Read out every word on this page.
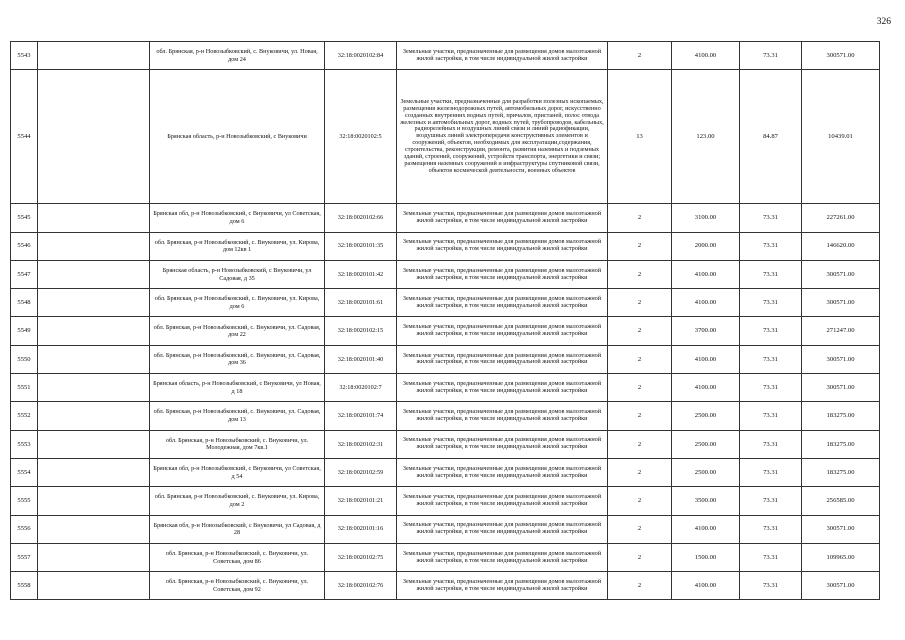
326
5543		обл. Брянская, р-н Новозыбковский, с. Внуковичи, ул. Новая, дом 24	32:18:0020102:84	Земельные участки, предназначенные для размещения домов малоэтажной жилой застройки, в том числе индивидуальной жилой застройки	2	4100.00	73.31	300571.00
5544		Брянская область, р-н Новозыбковский, с Внуковичи	32:18:0020102:5	Земельные участки, предназначенные для разработки полезных ископаемых, размещения железнодорожных путей, автомобильных дорог, искусственно созданных внутренних водных путей, причалов, пристаней, полос отвода железных и автомобильных дорог, водных путей, трубопроводов, кабельных, радиорелейных и воздушных линий связи и линий радиофикации, воздушных линий электропередачи конструктивных элементов и сооружений, объектов, необходимых для эксплуатации,содержания, строительства, реконструкции, ремонта, развития наземных и подземных зданий, строений, сооружений, устройств транспорта, энергетики и связи; размещения наземных сооружений и инфраструктуры спутниковой связи, объектов космической деятельности, военных объектов	13	123.00	84.87	10439.01
5545		Брянская обл, р-н Новозыбковский, с Внуковичи, ул Советская, дом 6	32:18:0020102:66	Земельные участки, предназначенные для размещения домов малоэтажной жилой застройки, в том числе индивидуальной жилой застройки	2	3100.00	73.31	227261.00
5546		обл. Брянская, р-н Новозыбковский, с. Внуковичи, ул. Кирова, дом 12кв 1	32:18:0020101:35	Земельные участки, предназначенные для размещения домов малоэтажной жилой застройки, в том числе индивидуальной жилой застройки	2	2000.00	73.31	146620.00
5547		Брянская область, р-н Новозыбковский, с Внуковичи, ул Садовая, д 35	32:18:0020101:42	Земельные участки, предназначенные для размещения домов малоэтажной жилой застройки, в том числе индивидуальной жилой застройки	2	4100.00	73.31	300571.00
5548		обл. Брянская, р-н Новозыбковский, с. Внуковичи, ул. Кирова, дом 6	32:18:0020101:61	Земельные участки, предназначенные для размещения домов малоэтажной жилой застройки, в том числе индивидуальной жилой застройки	2	4100.00	73.31	300571.00
5549		обл. Брянская, р-н Новозыбковский, с. Внуковичи, ул. Садовая, дом 22	32:18:0020102:15	Земельные участки, предназначенные для размещения домов малоэтажной жилой застройки, в том числе индивидуальной жилой застройки	2	3700.00	73.31	271247.00
5550		обл. Брянская, р-н Новозыбковский, с. Внуковичи, ул. Садовая, дом 36	32:18:0020101:40	Земельные участки, предназначенные для размещения домов малоэтажной жилой застройки, в том числе индивидуальной жилой застройки	2	4100.00	73.31	300571.00
5551		Брянская область, р-н Новозыбковский, с Внуковичи, ул Новая, д 18	32:18:0020102:7	Земельные участки, предназначенные для размещения домов малоэтажной жилой застройки, в том числе индивидуальной жилой застройки	2	4100.00	73.31	300571.00
5552		обл. Брянская, р-н Новозыбковский, с. Внуковичи, ул. Садовая, дом 13	32:18:0020101:74	Земельные участки, предназначенные для размещения домов малоэтажной жилой застройки, в том числе индивидуальной жилой застройки	2	2500.00	73.31	183275.00
5553		обл. Брянская, р-н Новозыбковский, с. Внуковичи, ул. Молодежная, дом 7кв.1	32:18:0020102:31	Земельные участки, предназначенные для размещения домов малоэтажной жилой застройки, в том числе индивидуальной жилой застройки	2	2500.00	73.31	183275.00
5554		Брянская обл, р-н Новозыбковский, с Внуковичи, ул Советская, д 54	32:18:0020102:59	Земельные участки, предназначенные для размещения домов малоэтажной жилой застройки, в том числе индивидуальной жилой застройки	2	2500.00	73.31	183275.00
5555		обл. Брянская, р-н Новозыбковский, с. Внуковичи, ул. Кирова, дом 2	32:18:0020101:21	Земельные участки, предназначенные для размещения домов малоэтажной жилой застройки, в том числе индивидуальной жилой застройки	2	3500.00	73.31	256585.00
5556		Брянская обл, р-н Новозыбковский, с Внуковичи, ул Садовая, д 28	32:18:0020101:16	Земельные участки, предназначенные для размещения домов малоэтажной жилой застройки, в том числе индивидуальной жилой застройки	2	4100.00	73.31	300571.00
5557		обл. Брянская, р-н Новозыбковский, с. Внуковичи, ул. Советская, дом 86	32:18:0020102:75	Земельные участки, предназначенные для размещения домов малоэтажной жилой застройки, в том числе индивидуальной жилой застройки	2	1500.00	73.31	109965.00
5558		обл. Брянская, р-н Новозыбковский, с. Внуковичи, ул. Советская, дом 92	32:18:0020102:76	Земельные участки, предназначенные для размещения домов малоэтажной жилой застройки, в том числе индивидуальной жилой застройки	2	4100.00	73.31	300571.00
